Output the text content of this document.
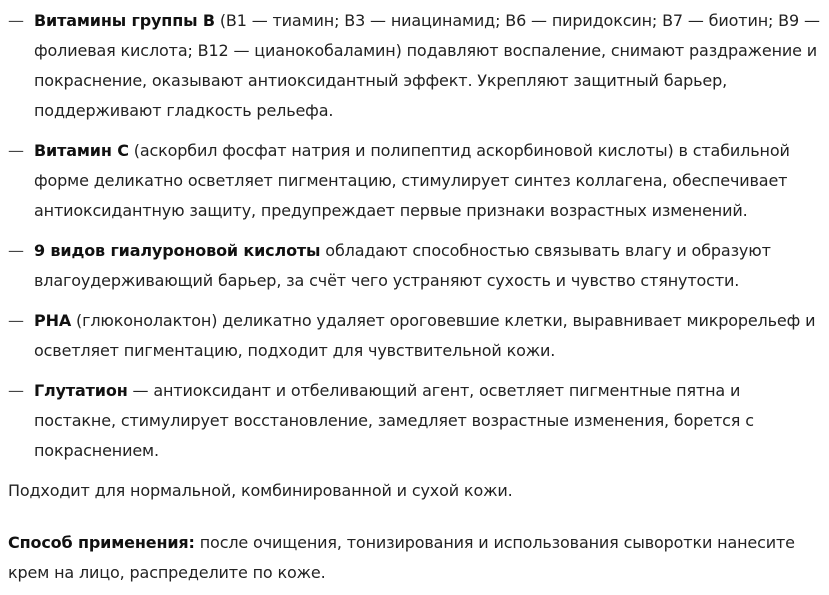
— Витамины группы В (B1 — тиамин; B3 — ниацинамид; B6 — пиридоксин; B7 — биотин; B9 — фолиевая кислота; B12 — цианокобаламин) подавляют воспаление, снимают раздражение и покраснение, оказывают антиоксидантный эффект. Укрепляют защитный барьер, поддерживают гладкость рельефа.
— Витамин С (аскорбил фосфат натрия и полипептид аскорбиновой кислоты) в стабильной форме деликатно осветляет пигментацию, стимулирует синтез коллагена, обеспечивает антиоксидантную защиту, предупреждает первые признаки возрастных изменений.
— 9 видов гиалуроновой кислоты обладают способностью связывать влагу и образуют влагоудерживающий барьер, за счёт чего устраняют сухость и чувство стянутости.
— PHA (глюконолактон) деликатно удаляет ороговевшие клетки, выравнивает микрорельеф и осветляет пигментацию, подходит для чувствительной кожи.
— Глутатион — антиоксидант и отбеливающий агент, осветляет пигментные пятна и постакне, стимулирует восстановление, замедляет возрастные изменения, борется с покраснением.

Подходит для нормальной, комбинированной и сухой кожи.

Способ применения: после очищения, тонизирования и использования сыворотки нанесите крем на лицо, распределите по коже.
